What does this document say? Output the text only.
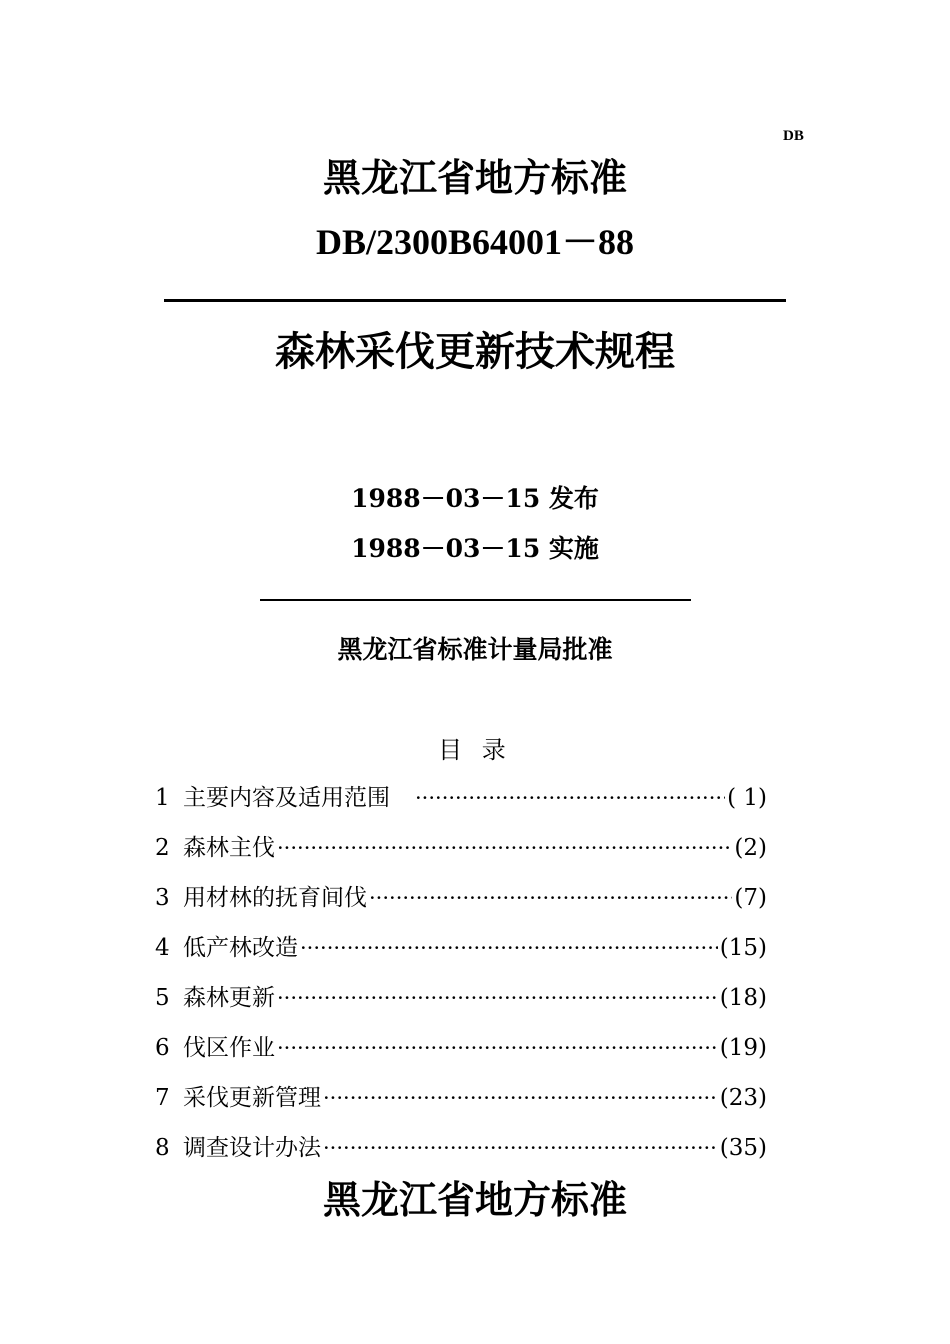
DB
黑龙江省地方标准
DB/2300B64001－88
森林采伐更新技术规程
1988－03－15 发布
1988－03－15 实施
黑龙江省标准计量局批准
目 录
1 主要内容及适用范围　 ·····	( 1)
2 森林主伐 ·····	(2)
3 用材林的抚育间伐 ·····	(7)
4 低产林改造 ·····	(15)
5 森林更新 ·····	(18)
6 伐区作业 ·····	(19)
7 采伐更新管理 ·····	(23)
8 调查设计办法 ·····	(35)
黑龙江省地方标准
